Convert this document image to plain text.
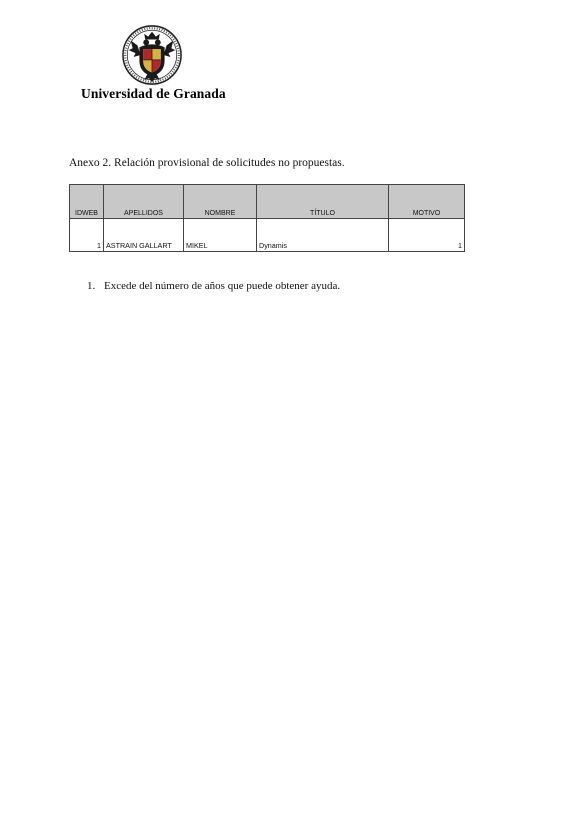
Universidad de Granada
Anexo 2. Relación provisional de solicitudes no propuestas.
IDWEB	APELLIDOS	NOMBRE	TÍTULO	MOTIVO
1	ASTRAIN GALLART	MIKEL	Dynamis	1
1. Excede del número de años que puede obtener ayuda.
